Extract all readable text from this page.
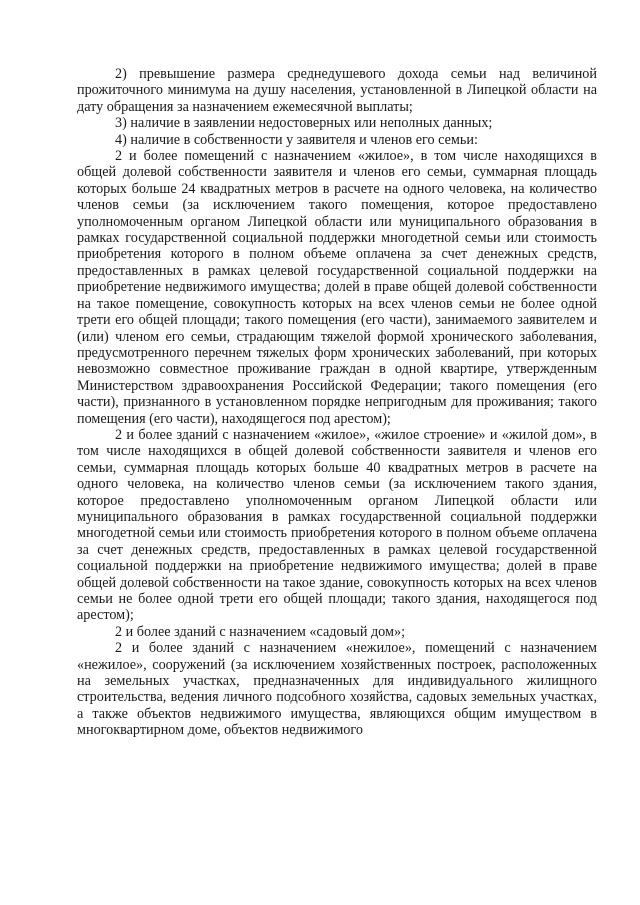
2) превышение размера среднедушевого дохода семьи над величиной прожиточного минимума на душу населения, установленной в Липецкой области на дату обращения за назначением ежемесячной выплаты;

3) наличие в заявлении недостоверных или неполных данных;

4) наличие в собственности у заявителя и членов его семьи:

2 и более помещений с назначением «жилое», в том числе находящихся в общей долевой собственности заявителя и членов его семьи, суммарная площадь которых больше 24 квадратных метров в расчете на одного человека, на количество членов семьи (за исключением такого помещения, которое предоставлено уполномоченным органом Липецкой области или муниципального образования в рамках государственной социальной поддержки многодетной семьи или стоимость приобретения которого в полном объеме оплачена за счет денежных средств, предоставленных в рамках целевой государственной социальной поддержки на приобретение недвижимого имущества; долей в праве общей долевой собственности на такое помещение, совокупность которых на всех членов семьи не более одной трети его общей площади; такого помещения (его части), занимаемого заявителем и (или) членом его семьи, страдающим тяжелой формой хронического заболевания, предусмотренного перечнем тяжелых форм хронических заболеваний, при которых невозможно совместное проживание граждан в одной квартире, утвержденным Министерством здравоохранения Российской Федерации; такого помещения (его части), признанного в установленном порядке непригодным для проживания; такого помещения (его части), находящегося под арестом);

2 и более зданий с назначением «жилое», «жилое строение» и «жилой дом», в том числе находящихся в общей долевой собственности заявителя и членов его семьи, суммарная площадь которых больше 40 квадратных метров в расчете на одного человека, на количество членов семьи (за исключением такого здания, которое предоставлено уполномоченным органом Липецкой области или муниципального образования в рамках государственной социальной поддержки многодетной семьи или стоимость приобретения которого в полном объеме оплачена за счет денежных средств, предоставленных в рамках целевой государственной социальной поддержки на приобретение недвижимого имущества; долей в праве общей долевой собственности на такое здание, совокупность которых на всех членов семьи не более одной трети его общей площади; такого здания, находящегося под арестом);

2 и более зданий с назначением «садовый дом»;

2 и более зданий с назначением «нежилое», помещений с назначением «нежилое», сооружений (за исключением хозяйственных построек, расположенных на земельных участках, предназначенных для индивидуального жилищного строительства, ведения личного подсобного хозяйства, садовых земельных участках, а также объектов недвижимого имущества, являющихся общим имуществом в многоквартирном доме, объектов недвижимого
